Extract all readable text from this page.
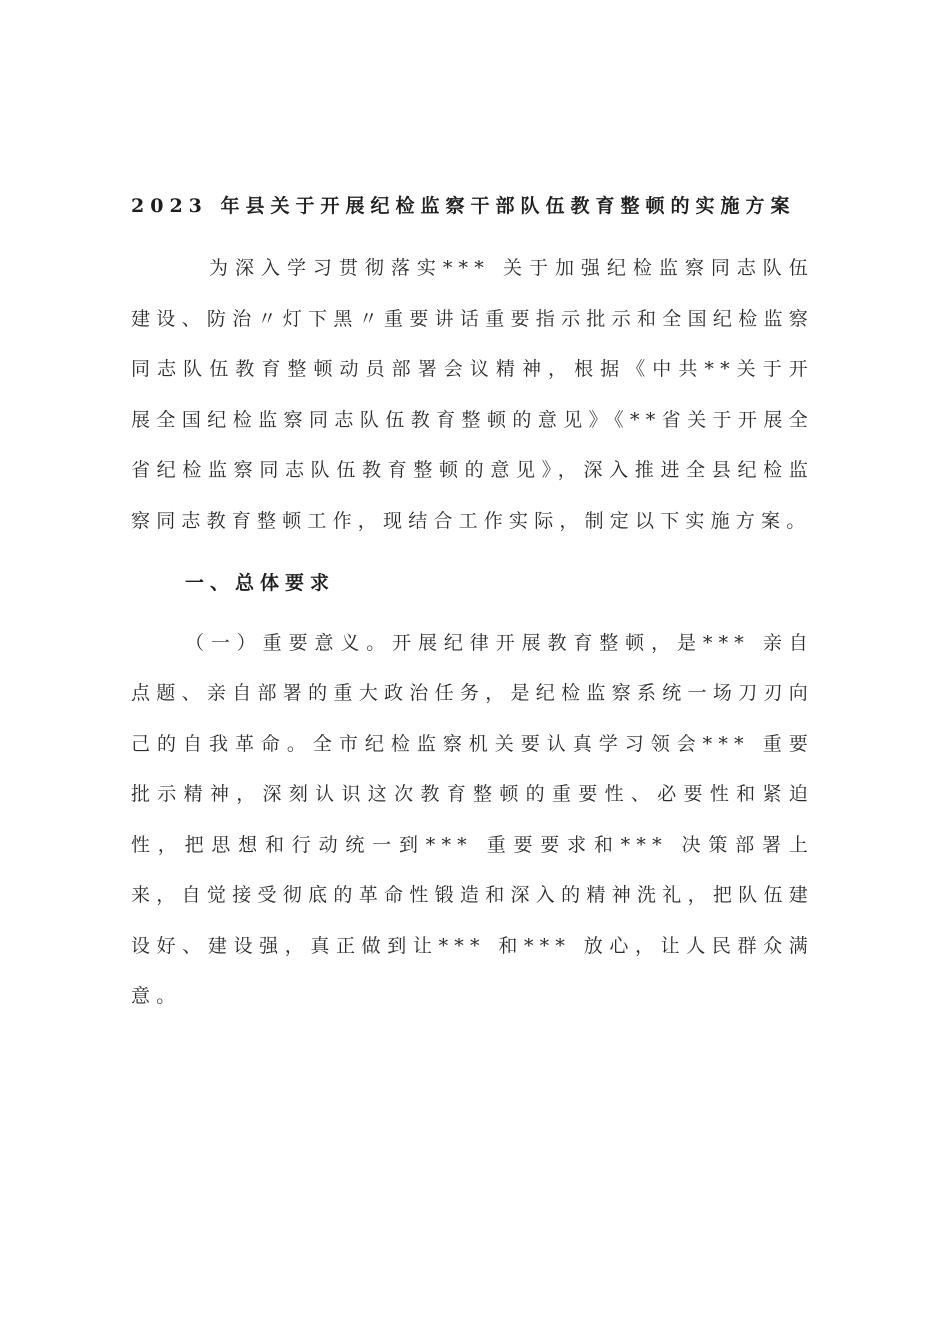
2023 年县关于开展纪检监察干部队伍教育整顿的实施方案

为深入学习贯彻落实*** 关于加强纪检监察同志队伍建设、防治〃灯下黑〃重要讲话重要指示批示和全国纪检监察同志队伍教育整顿动员部署会议精神，根据《中共**关于开展全国纪检监察同志队伍教育整顿的意见》《**省关于开展全省纪检监察同志队伍教育整顿的意见》，深入推进全县纪检监察同志教育整顿工作，现结合工作实际，制定以下实施方案。

一、总体要求

（一）重要意义。开展纪律开展教育整顿，是*** 亲自点题、亲自部署的重大政治任务，是纪检监察系统一场刀刃向己的自我革命。全市纪检监察机关要认真学习领会*** 重要批示精神，深刻认识这次教育整顿的重要性、必要性和紧迫性，把思想和行动统一到*** 重要要求和*** 决策部署上来，自觉接受彻底的革命性锻造和深入的精神洗礼，把队伍建设好、建设强，真正做到让*** 和*** 放心，让人民群众满意。
